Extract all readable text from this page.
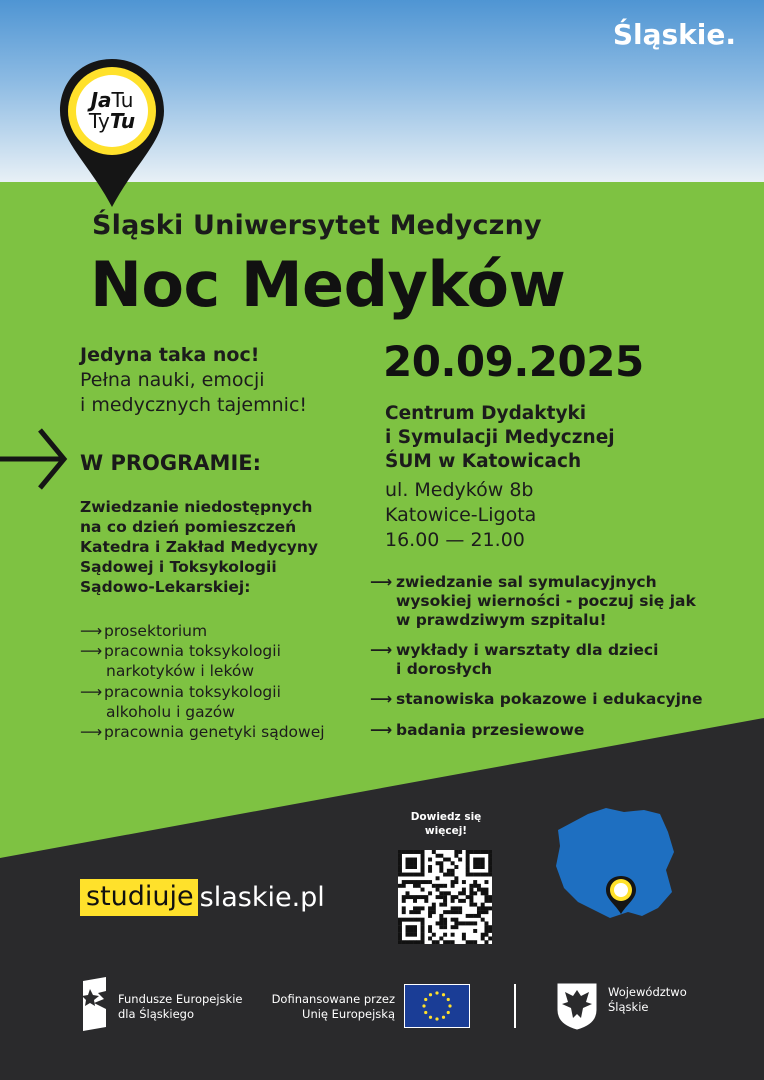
Śląskie.
JaTu
TyTu
Śląski Uniwersytet Medyczny
Noc Medyków
20.09.2025
Jedyna taka noc!
Pełna nauki, emocji
i medycznych tajemnic!
W PROGRAMIE:
Zwiedzanie niedostępnych
na co dzień pomieszczeń
Katedra i Zakład Medycyny
Sądowej i Toksykologii
Sądowo-Lekarskiej:
⟶ prosektorium
⟶ pracownia toksykologii
narkotyków i leków
⟶ pracownia toksykologii
alkoholu i gazów
⟶ pracownia genetyki sądowej
Centrum Dydaktyki
i Symulacji Medycznej
ŚUM w Katowicach
ul. Medyków 8b
Katowice-Ligota
16.00 — 21.00
⟶ zwiedzanie sal symulacyjnych
wysokiej wierności - poczuj się jak
w prawdziwym szpitalu!
⟶ wykłady i warsztaty dla dzieci
i dorosłych
⟶ stanowiska pokazowe i edukacyjne
⟶ badania przesiewowe
Dowiedz się
więcej!
studiuje slaskie.pl
Fundusze Europejskie
dla Śląskiego
Dofinansowane przez
Unię Europejską
Województwo
Śląskie
